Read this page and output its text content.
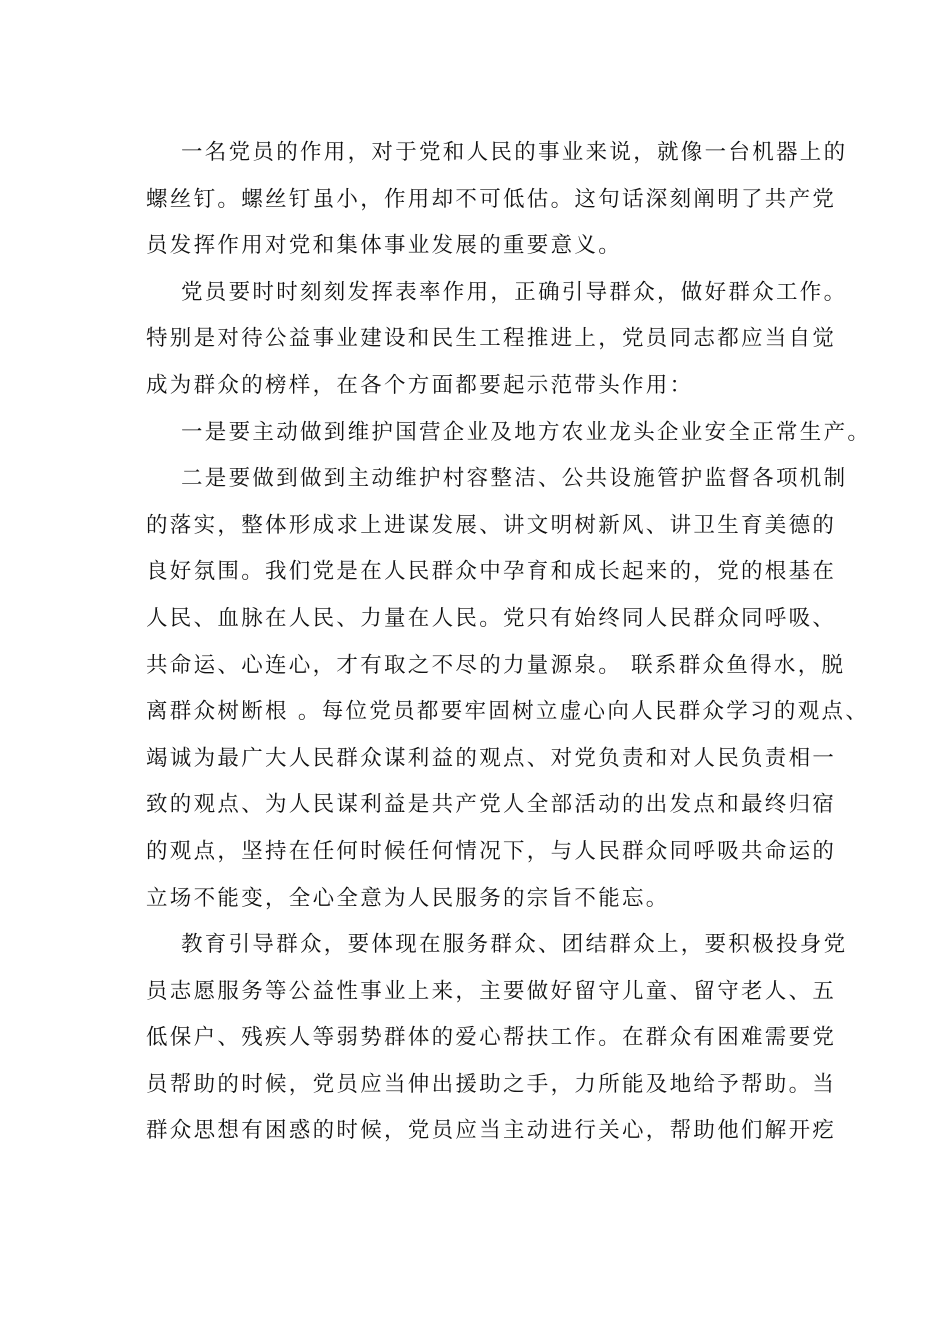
一名党员的作用，对于党和人民的事业来说，就像一台机器上的
螺丝钉。螺丝钉虽小，作用却不可低估。这句话深刻阐明了共产党
员发挥作用对党和集体事业发展的重要意义。
党员要时时刻刻发挥表率作用，正确引导群众，做好群众工作。
特别是对待公益事业建设和民生工程推进上，党员同志都应当自觉
成为群众的榜样，在各个方面都要起示范带头作用：
一是要主动做到维护国营企业及地方农业龙头企业安全正常生产。
二是要做到做到主动维护村容整洁、公共设施管护监督各项机制
的落实，整体形成求上进谋发展、讲文明树新风、讲卫生育美德的
良好氛围。我们党是在人民群众中孕育和成长起来的，党的根基在
人民、血脉在人民、力量在人民。党只有始终同人民群众同呼吸、
共命运、心连心，才有取之不尽的力量源泉。 联系群众鱼得水，脱
离群众树断根 。每位党员都要牢固树立虚心向人民群众学习的观点、
竭诚为最广大人民群众谋利益的观点、对党负责和对人民负责相一
致的观点、为人民谋利益是共产党人全部活动的出发点和最终归宿
的观点，坚持在任何时候任何情况下，与人民群众同呼吸共命运的
立场不能变，全心全意为人民服务的宗旨不能忘。
教育引导群众，要体现在服务群众、团结群众上，要积极投身党
员志愿服务等公益性事业上来，主要做好留守儿童、留守老人、五
低保户、残疾人等弱势群体的爱心帮扶工作。在群众有困难需要党
员帮助的时候，党员应当伸出援助之手，力所能及地给予帮助。当
群众思想有困惑的时候，党员应当主动进行关心，帮助他们解开疙
